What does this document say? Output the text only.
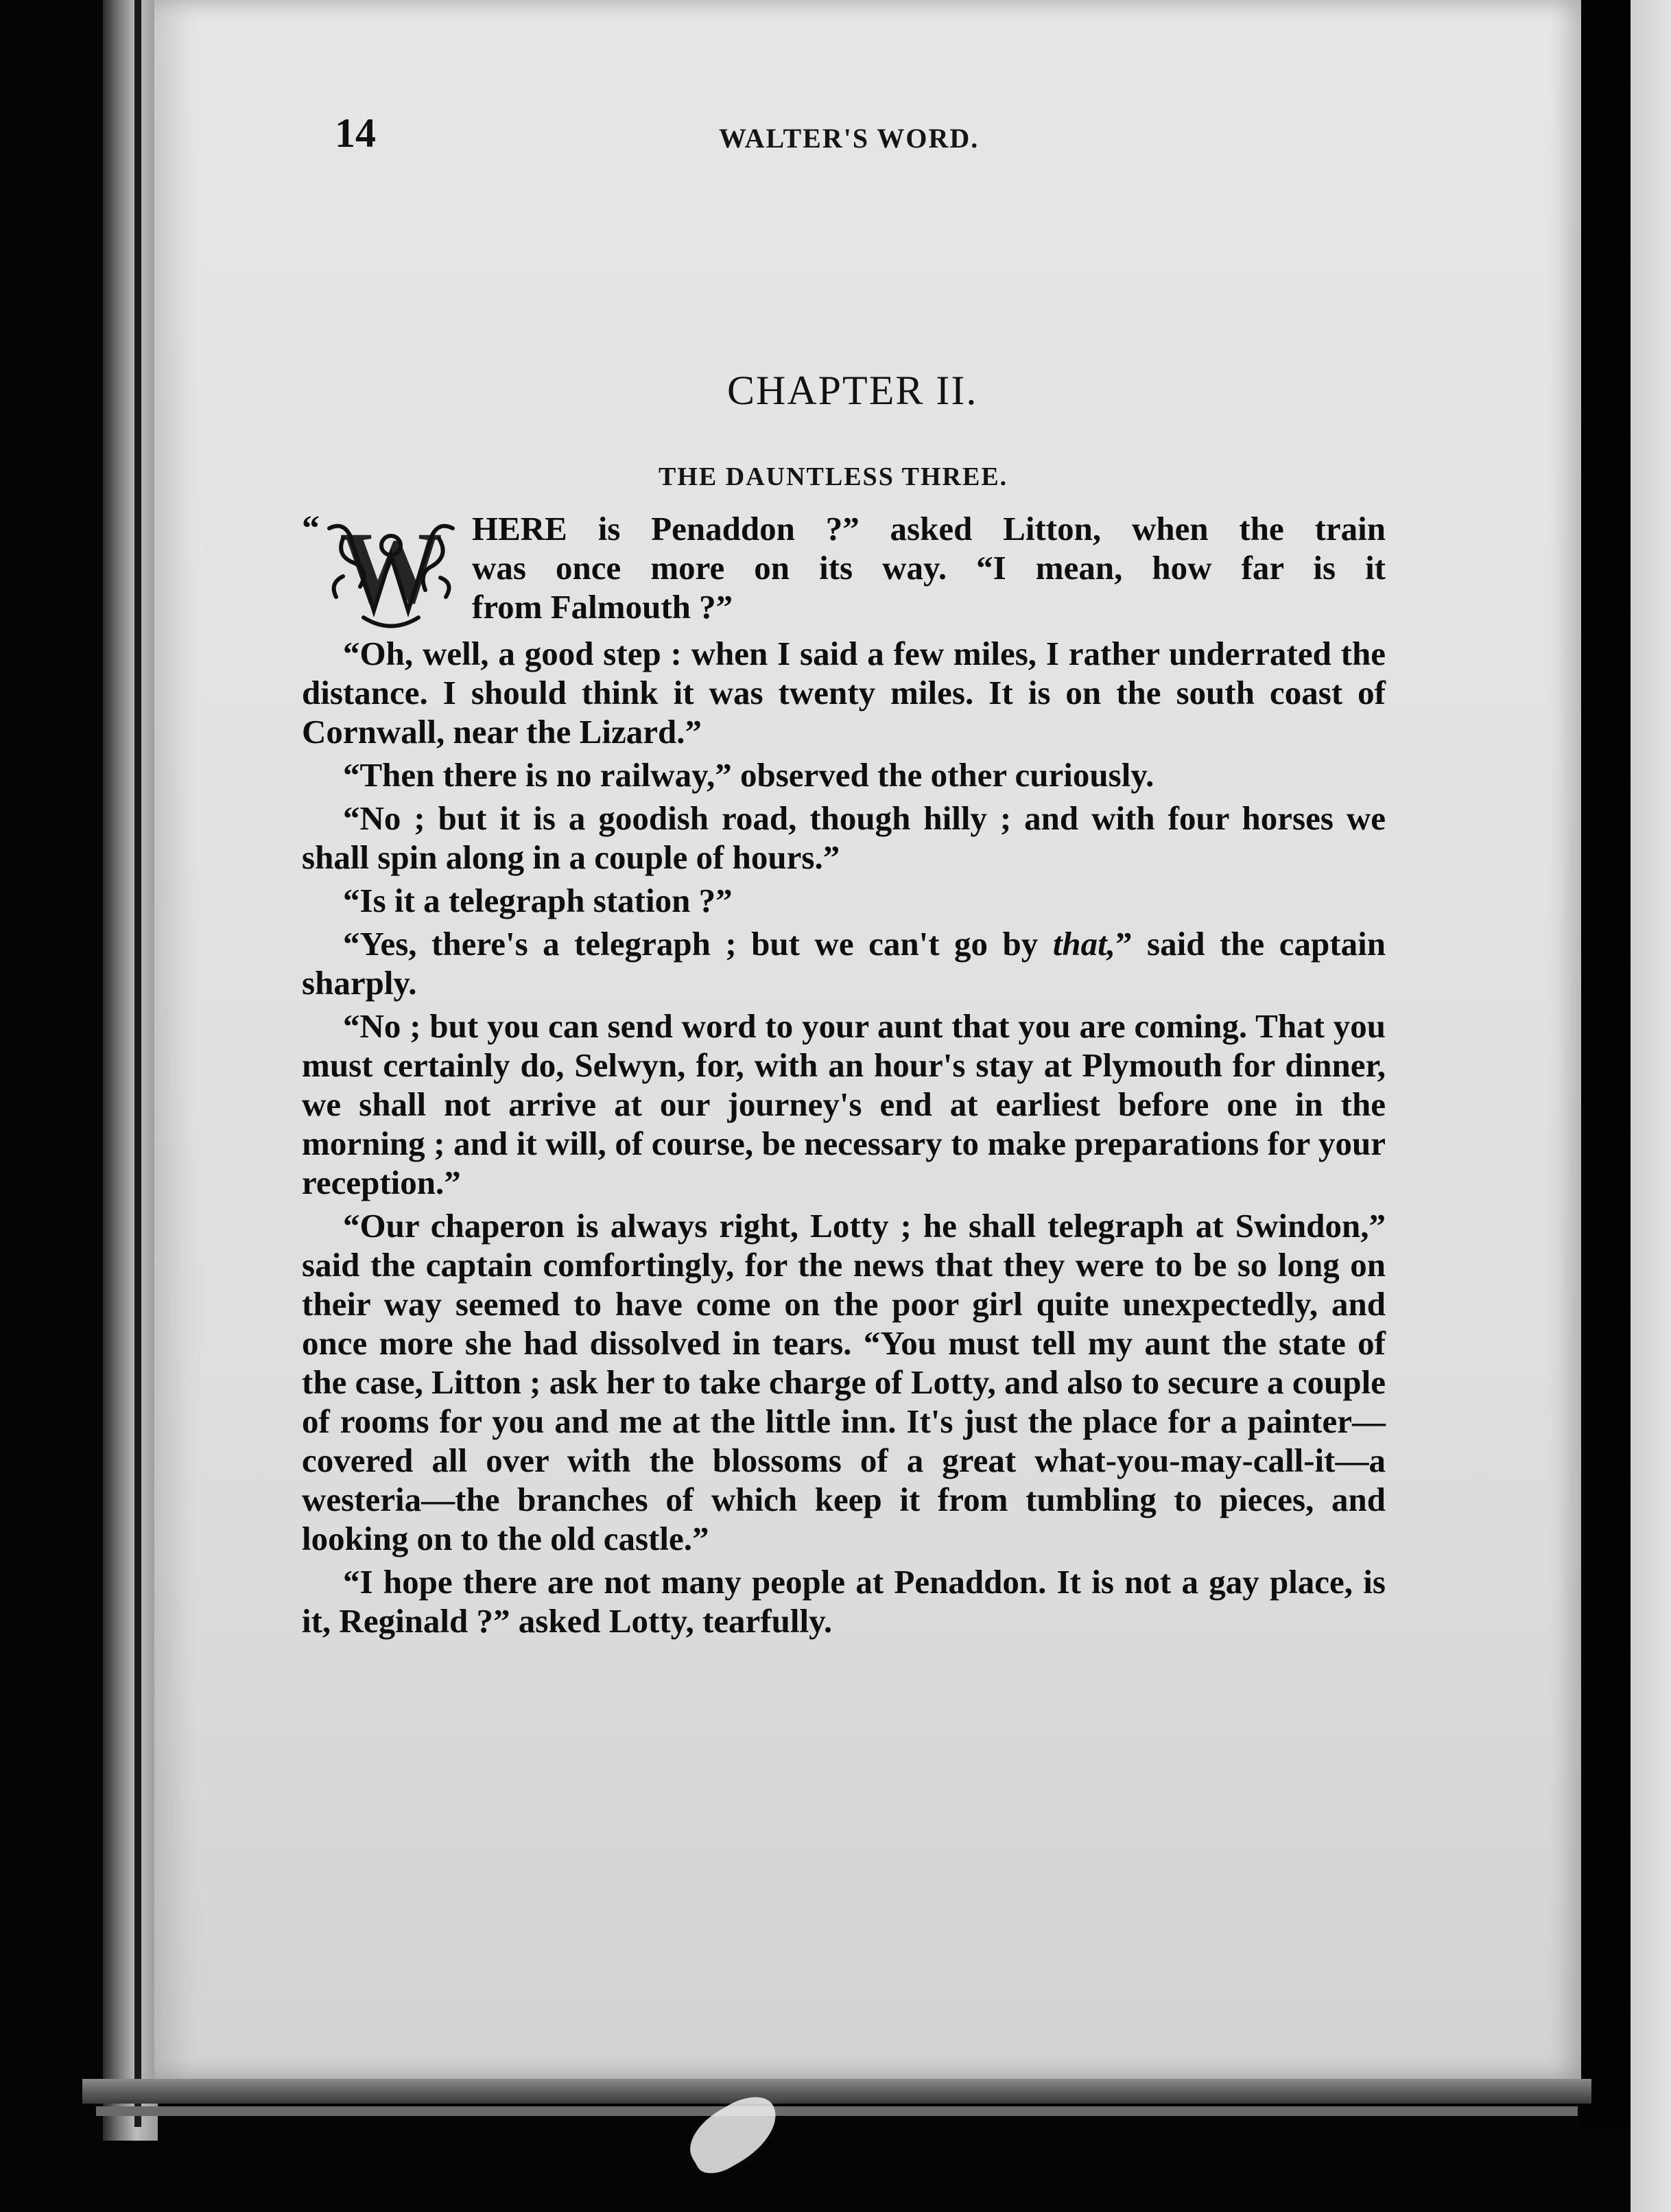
14	WALTER'S WORD.
CHAPTER II.
THE DAUNTLESS THREE.
“ W HERE is Penaddon ?” asked Litton, when the train
was once more on its way. “I mean, how far is it
from Falmouth ?”

“Oh, well, a good step : when I said a few miles, I rather underrated the distance. I should think it was twenty miles. It is on the south coast of Cornwall, near the Lizard.”

“Then there is no railway,” observed the other curiously.

“No ; but it is a goodish road, though hilly ; and with four horses we shall spin along in a couple of hours.”

“Is it a telegraph station ?”

“Yes, there's a telegraph ; but we can't go by that,” said the captain sharply.

“No ; but you can send word to your aunt that you are coming. That you must certainly do, Selwyn, for, with an hour's stay at Plymouth for dinner, we shall not arrive at our journey's end at earliest before one in the morning ; and it will, of course, be necessary to make preparations for your reception.”

“Our chaperon is always right, Lotty ; he shall telegraph at Swindon,” said the captain comfortingly, for the news that they were to be so long on their way seemed to have come on the poor girl quite unexpectedly, and once more she had dissolved in tears. “You must tell my aunt the state of the case, Litton ; ask her to take charge of Lotty, and also to secure a couple of rooms for you and me at the little inn. It's just the place for a painter—covered all over with the blossoms of a great what-you-may-call-it—a westeria—the branches of which keep it from tumbling to pieces, and looking on to the old castle.”

“I hope there are not many people at Penaddon. It is not a gay place, is it, Reginald ?” asked Lotty, tearfully.
